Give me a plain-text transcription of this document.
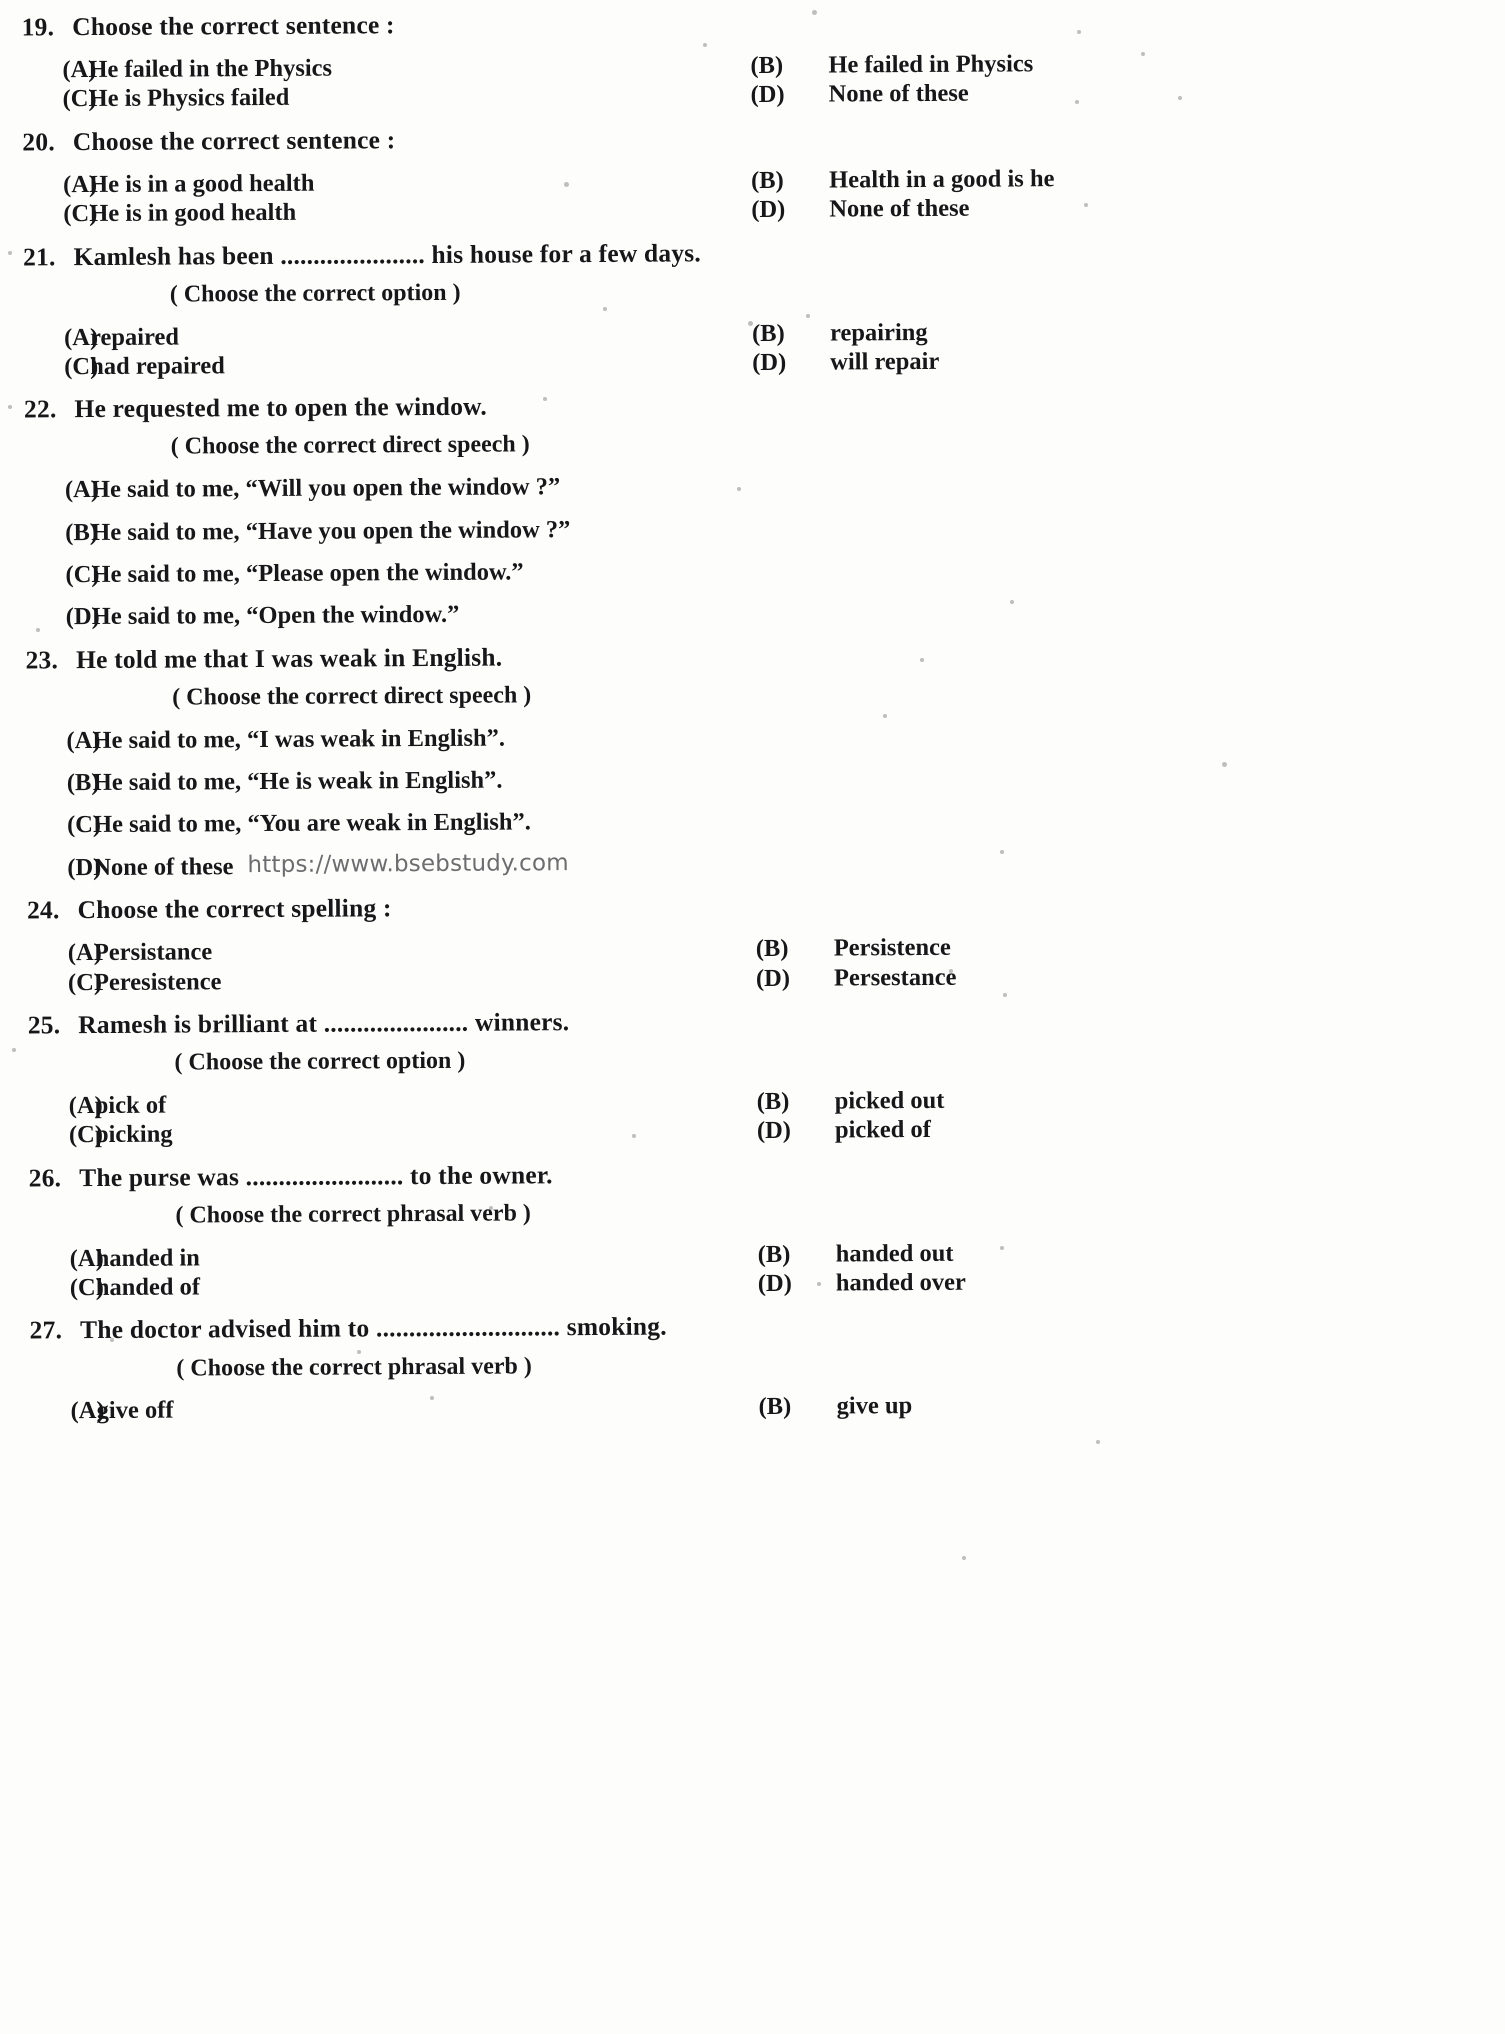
19. Choose the correct sentence :
(A)
He failed in the Physics	(B)	He failed in Physics
(C)
He is Physics failed	(D)	None of these
20. Choose the correct sentence :
(A)
He is in a good health	(B)	Health in a good is he
(C)
He is in good health	(D)	None of these
21. Kamlesh has been ...................... his house for a few days.
( Choose the correct option )
(A)
repaired	(B)	repairing
(C)
had repaired	(D)	will repair
22. He requested me to open the window.
( Choose the correct direct speech )
(A)
He said to me, “Will you open the window ?”
(B)
He said to me, “Have you open the window ?”
(C)
He said to me, “Please open the window.”
(D)
He said to me, “Open the window.”
23. He told me that I was weak in English.
( Choose the correct direct speech )
(A)
He said to me, “I was weak in English”.
(B)
He said to me, “He is weak in English”.
(C)
He said to me, “You are weak in English”.
(D)
None of these https://www.bsebstudy.com
24. Choose the correct spelling :
(A)
Persistance	(B)	Persistence
(C)
Peresistence	(D)	Persestance
25. Ramesh is brilliant at ...................... winners.
( Choose the correct option )
(A)
pick of	(B)	picked out
(C)
picking	(D)	picked of
26. The purse was ........................ to the owner.
( Choose the correct phrasal verb )
(A)
handed in	(B)	handed out
(C)
handed of	(D)	handed over
27. The doctor advised him to ............................ smoking.
( Choose the correct phrasal verb )
(A)
give off	(B)	give up
